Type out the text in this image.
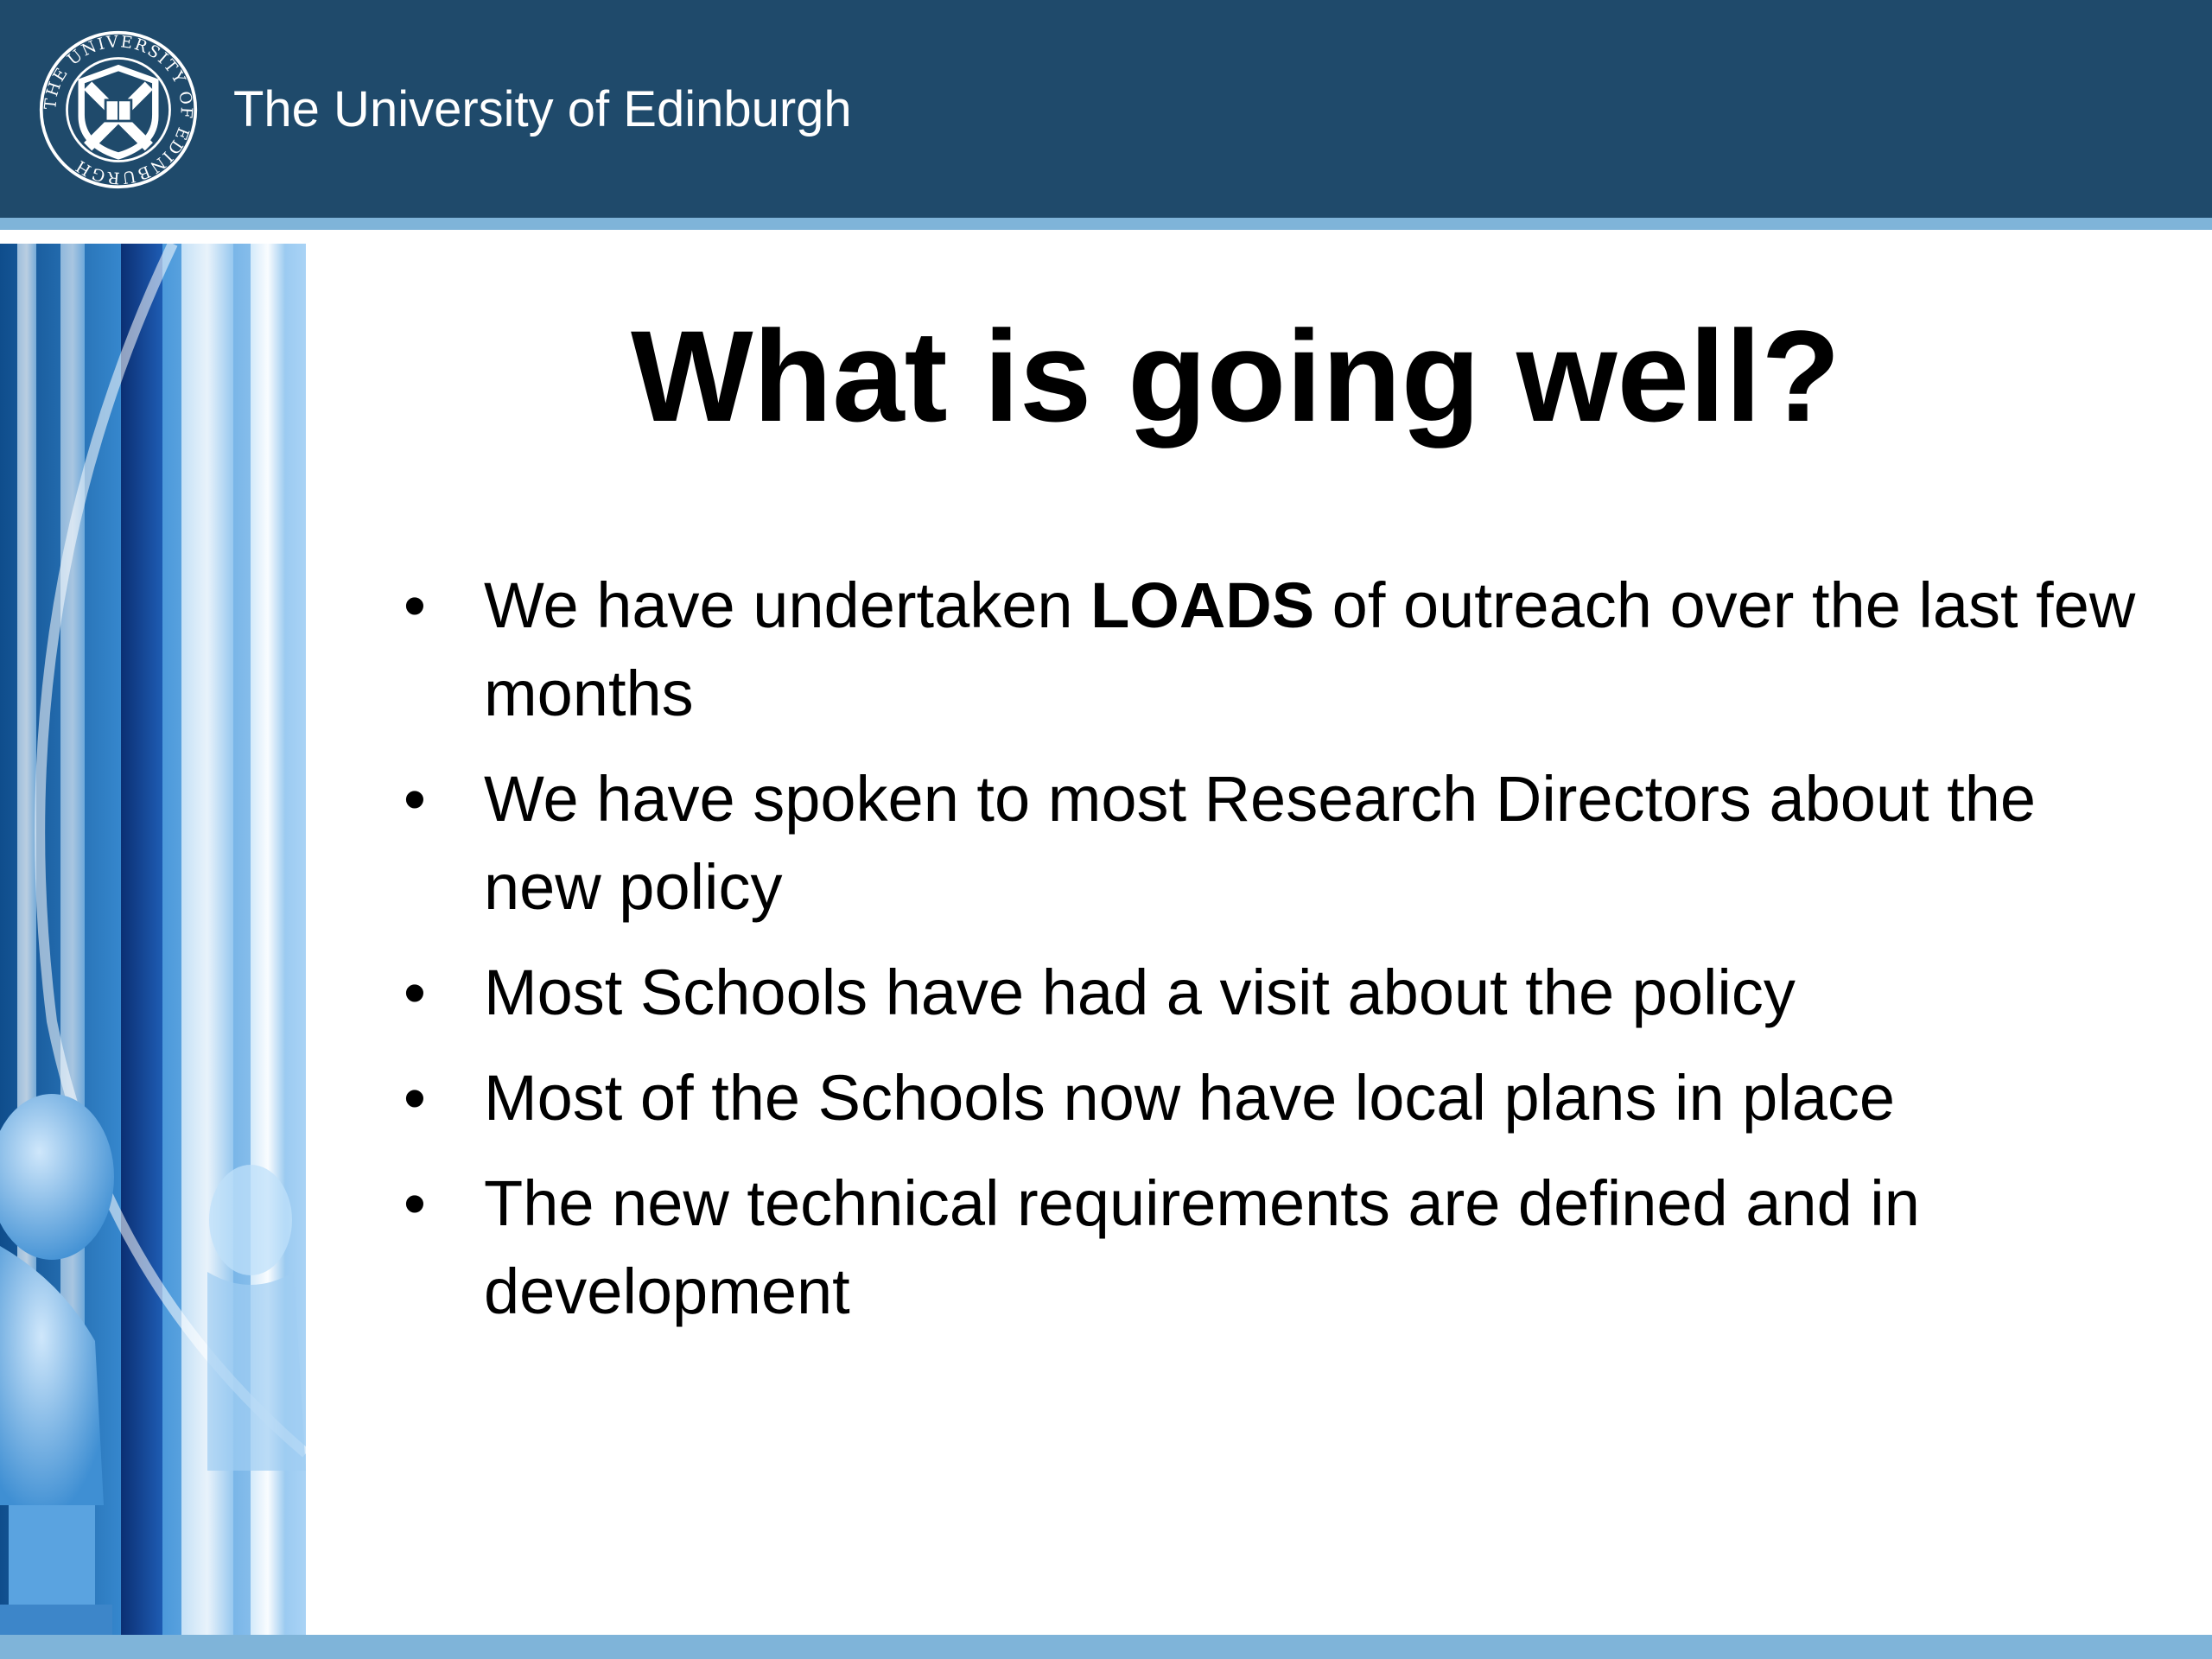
THE UNIVERSITY OF EDINBURGH
The University of Edinburgh
What is going well?
• We have undertaken LOADS of outreach over the last few months
• We have spoken to most Research Directors about the new policy
• Most Schools have had a visit about the policy
• Most of the Schools now have local plans in place
• The new technical requirements are defined and in development
